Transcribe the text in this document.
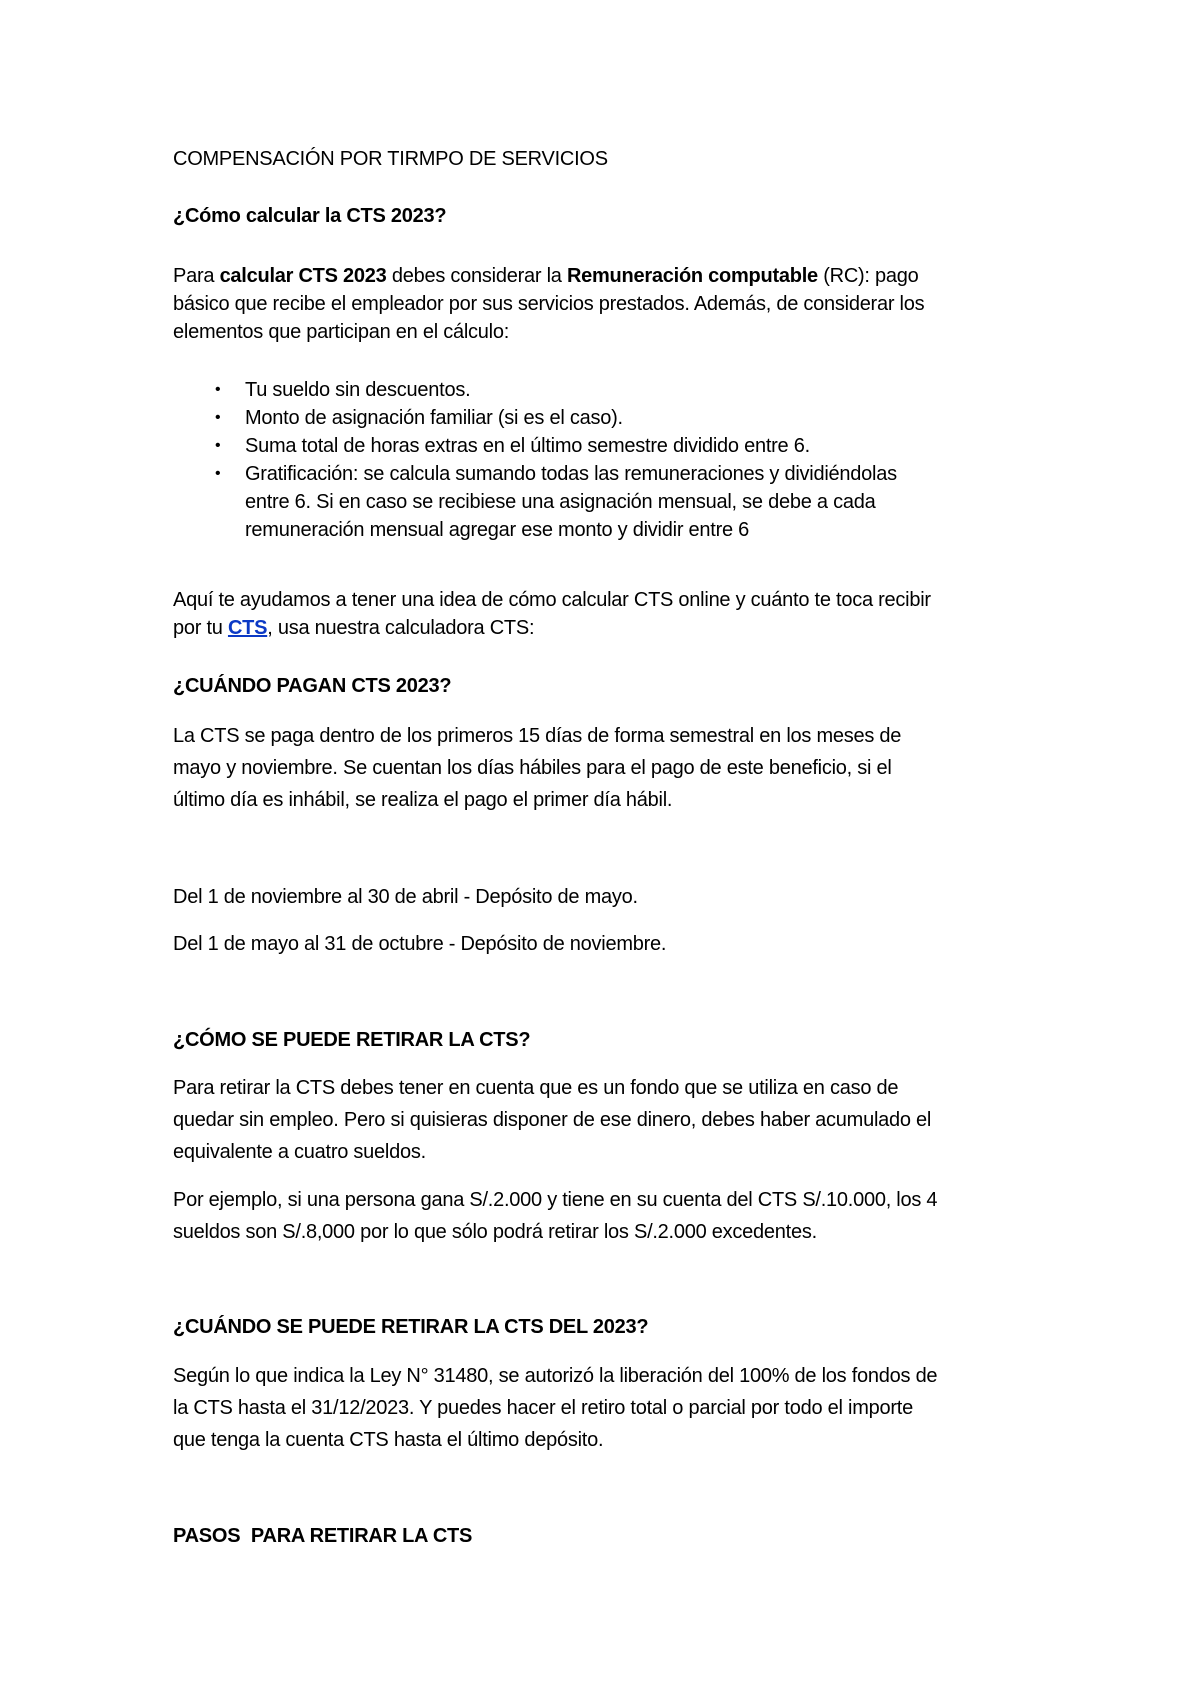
COMPENSACIÓN POR TIRMPO DE SERVICIOS
¿Cómo calcular la CTS 2023?
Para calcular CTS 2023 debes considerar la Remuneración computable (RC): pago
básico que recibe el empleador por sus servicios prestados. Además, de considerar los
elementos que participan en el cálculo:
• Tu sueldo sin descuentos.
• Monto de asignación familiar (si es el caso).
• Suma total de horas extras en el último semestre dividido entre 6.
• Gratificación: se calcula sumando todas las remuneraciones y dividiéndolas
entre 6. Si en caso se recibiese una asignación mensual, se debe a cada
remuneración mensual agregar ese monto y dividir entre 6
Aquí te ayudamos a tener una idea de cómo calcular CTS online y cuánto te toca recibir
por tu CTS, usa nuestra calculadora CTS:
¿CUÁNDO PAGAN CTS 2023?
La CTS se paga dentro de los primeros 15 días de forma semestral en los meses de
mayo y noviembre. Se cuentan los días hábiles para el pago de este beneficio, si el
último día es inhábil, se realiza el pago el primer día hábil.
Del 1 de noviembre al 30 de abril - Depósito de mayo.
Del 1 de mayo al 31 de octubre - Depósito de noviembre.
¿CÓMO SE PUEDE RETIRAR LA CTS?
Para retirar la CTS debes tener en cuenta que es un fondo que se utiliza en caso de
quedar sin empleo. Pero si quisieras disponer de ese dinero, debes haber acumulado el
equivalente a cuatro sueldos.
Por ejemplo, si una persona gana S/.2.000 y tiene en su cuenta del CTS S/.10.000, los 4
sueldos son S/.8,000 por lo que sólo podrá retirar los S/.2.000 excedentes.
¿CUÁNDO SE PUEDE RETIRAR LA CTS DEL 2023?
Según lo que indica la Ley N° 31480, se autorizó la liberación del 100% de los fondos de
la CTS hasta el 31/12/2023. Y puedes hacer el retiro total o parcial por todo el importe
que tenga la cuenta CTS hasta el último depósito.
PASOS  PARA RETIRAR LA CTS
